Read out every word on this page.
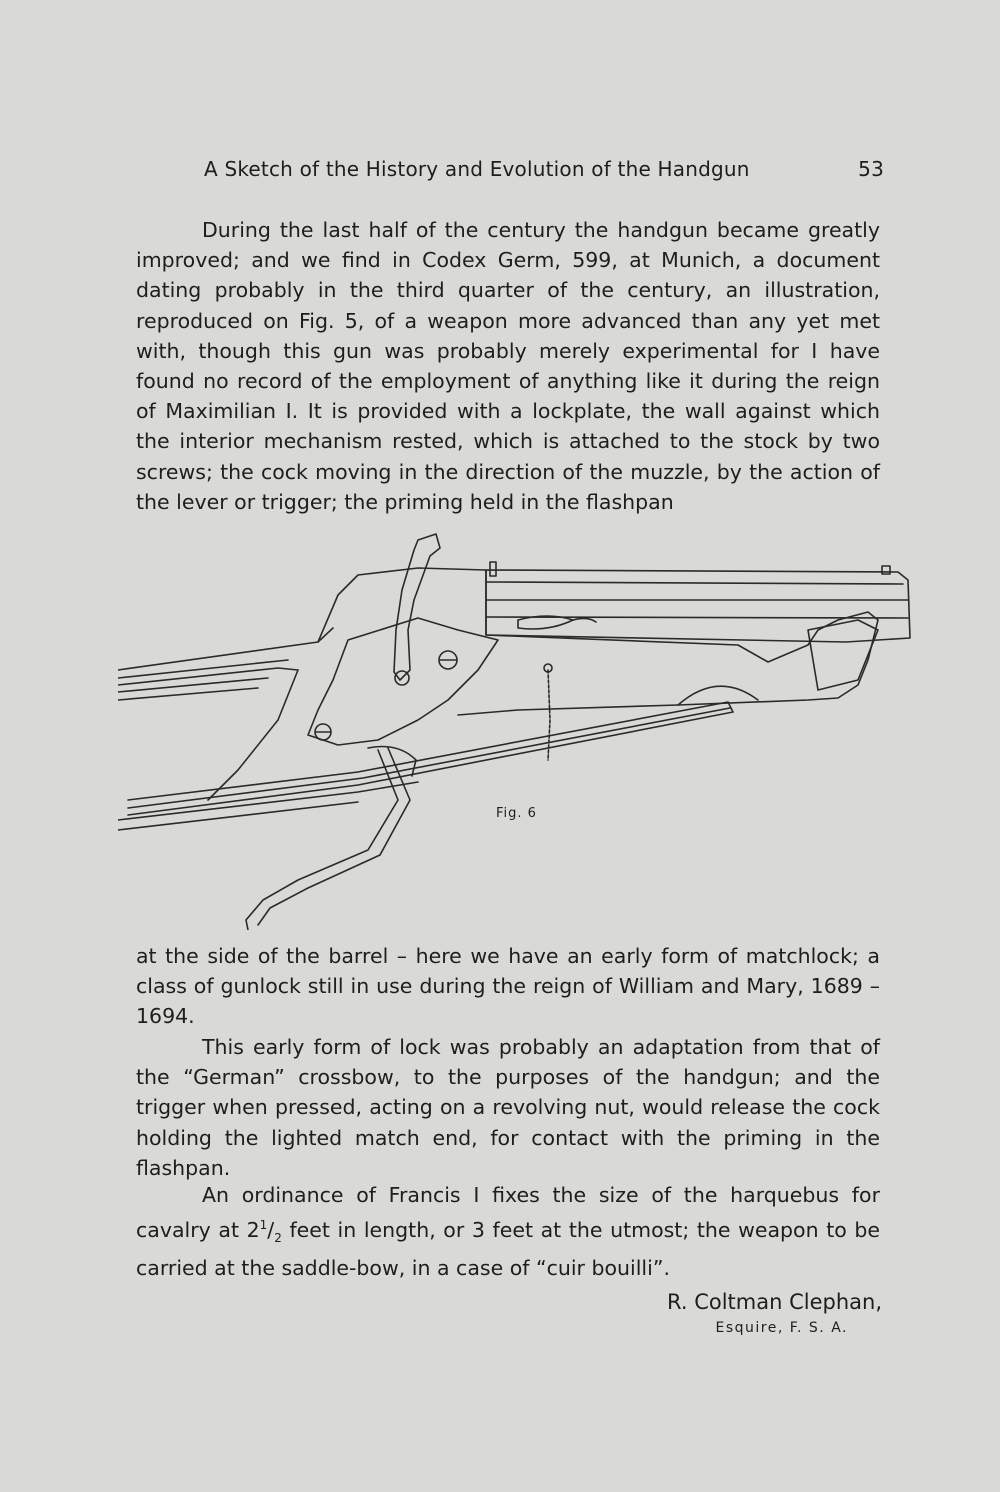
A Sketch of the History and Evolution of the Handgun	53

During the last half of the century the handgun became greatly improved; and we find in Codex Germ, 599, at Munich, a document dating probably in the third quarter of the century, an illustration, reproduced on Fig. 5, of a weapon more advanced than any yet met with, though this gun was probably merely experimental for I have found no record of the employment of anything like it during the reign of Maximilian I. It is provided with a lockplate, the wall against which the interior mechanism rested, which is attached to the stock by two screws; the cock moving in the direction of the muzzle, by the action of the lever or trigger; the priming held in the flashpan

Fig. 6

at the side of the barrel – here we have an early form of matchlock; a class of gunlock still in use during the reign of William and Mary, 1689 – 1694.

This early form of lock was probably an adaptation from that of the “German” crossbow, to the purposes of the handgun; and the trigger when pressed, acting on a revolving nut, would release the cock holding the lighted match end, for contact with the priming in the flashpan.

An ordinance of Francis I fixes the size of the harquebus for cavalry at $2^1/_2$ feet in length, or 3 feet at the utmost; the weapon to be carried at the saddle-bow, in a case of “cuir bouilli”.

R. Coltman Clephan,
Esquire, F. S. A.
